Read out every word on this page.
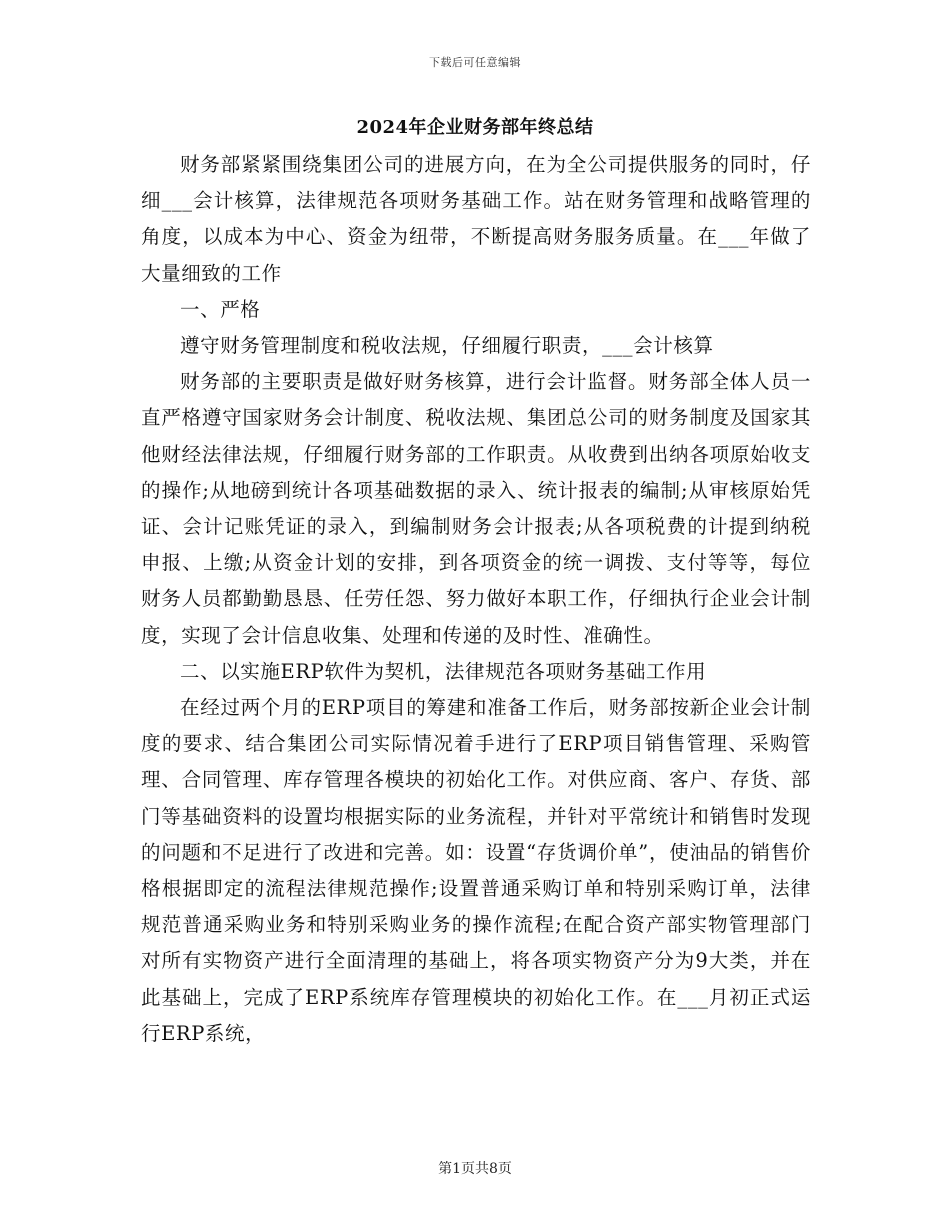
下载后可任意编辑
2024年企业财务部年终总结

财务部紧紧围绕集团公司的进展方向，在为全公司提供服务的同时，仔细___会计核算，法律规范各项财务基础工作。站在财务管理和战略管理的角度，以成本为中心、资金为纽带，不断提高财务服务质量。在___年做了大量细致的工作

一、严格

遵守财务管理制度和税收法规，仔细履行职责，___会计核算

财务部的主要职责是做好财务核算，进行会计监督。财务部全体人员一直严格遵守国家财务会计制度、税收法规、集团总公司的财务制度及国家其他财经法律法规，仔细履行财务部的工作职责。从收费到出纳各项原始收支的操作;从地磅到统计各项基础数据的录入、统计报表的编制;从审核原始凭证、会计记账凭证的录入，到编制财务会计报表;从各项税费的计提到纳税申报、上缴;从资金计划的安排，到各项资金的统一调拨、支付等等，每位财务人员都勤勤恳恳、任劳任怨、努力做好本职工作，仔细执行企业会计制度，实现了会计信息收集、处理和传递的及时性、准确性。

二、以实施ERP软件为契机，法律规范各项财务基础工作用

在经过两个月的ERP项目的筹建和准备工作后，财务部按新企业会计制度的要求、结合集团公司实际情况着手进行了ERP项目销售管理、采购管理、合同管理、库存管理各模块的初始化工作。对供应商、客户、存货、部门等基础资料的设置均根据实际的业务流程，并针对平常统计和销售时发现的问题和不足进行了改进和完善。如：设置“存货调价单”，使油品的销售价格根据即定的流程法律规范操作;设置普通采购订单和特别采购订单，法律规范普通采购业务和特别采购业务的操作流程;在配合资产部实物管理部门对所有实物资产进行全面清理的基础上，将各项实物资产分为9大类，并在此基础上，完成了ERP系统库存管理模块的初始化工作。在___月初正式运行ERP系统，

第1页共8页
